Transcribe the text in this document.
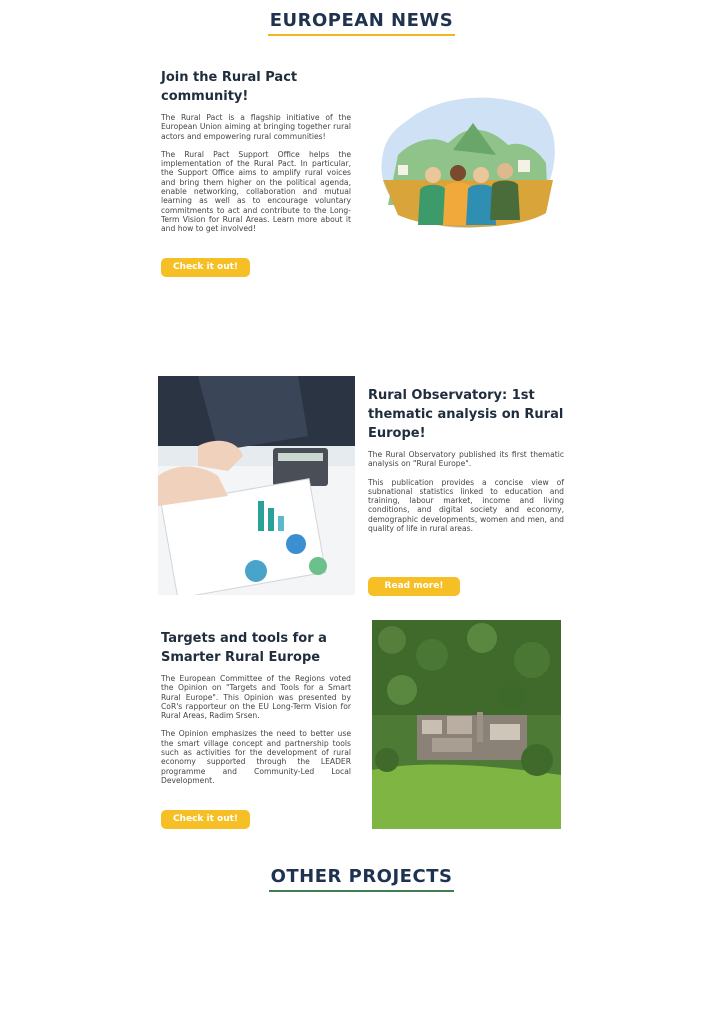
EUROPEAN NEWS
Join the Rural Pact community!

The Rural Pact is a flagship initiative of the European Union aiming at bringing together rural actors and empowering rural communities!

The Rural Pact Support Office helps the implementation of the Rural Pact. In particular, the Support Office aims to amplify rural voices and bring them higher on the political agenda, enable networking, collaboration and mutual learning as well as to encourage voluntary commitments to act and contribute to the Long-Term Vision for Rural Areas. Learn more about it and how to get involved!

Check it out!
Rural Observatory: 1st thematic analysis on Rural Europe!

The Rural Observatory published its first thematic analysis on "Rural Europe".

This publication provides a concise view of subnational statistics linked to education and training, labour market, income and living conditions, and digital society and economy, demographic developments, women and men, and quality of life in rural areas.

Read more!
Targets and tools for a Smarter Rural Europe

The European Committee of the Regions voted the Opinion on "Targets and Tools for a Smart Rural Europe". This Opinion was presented by CoR's rapporteur on the EU Long-Term Vision for Rural Areas, Radim Srsen.

The Opinion emphasizes the need to better use the smart village concept and partnership tools such as activities for the development of rural economy supported through the LEADER programme and Community-Led Local Development.

Check it out!
OTHER PROJECTS
